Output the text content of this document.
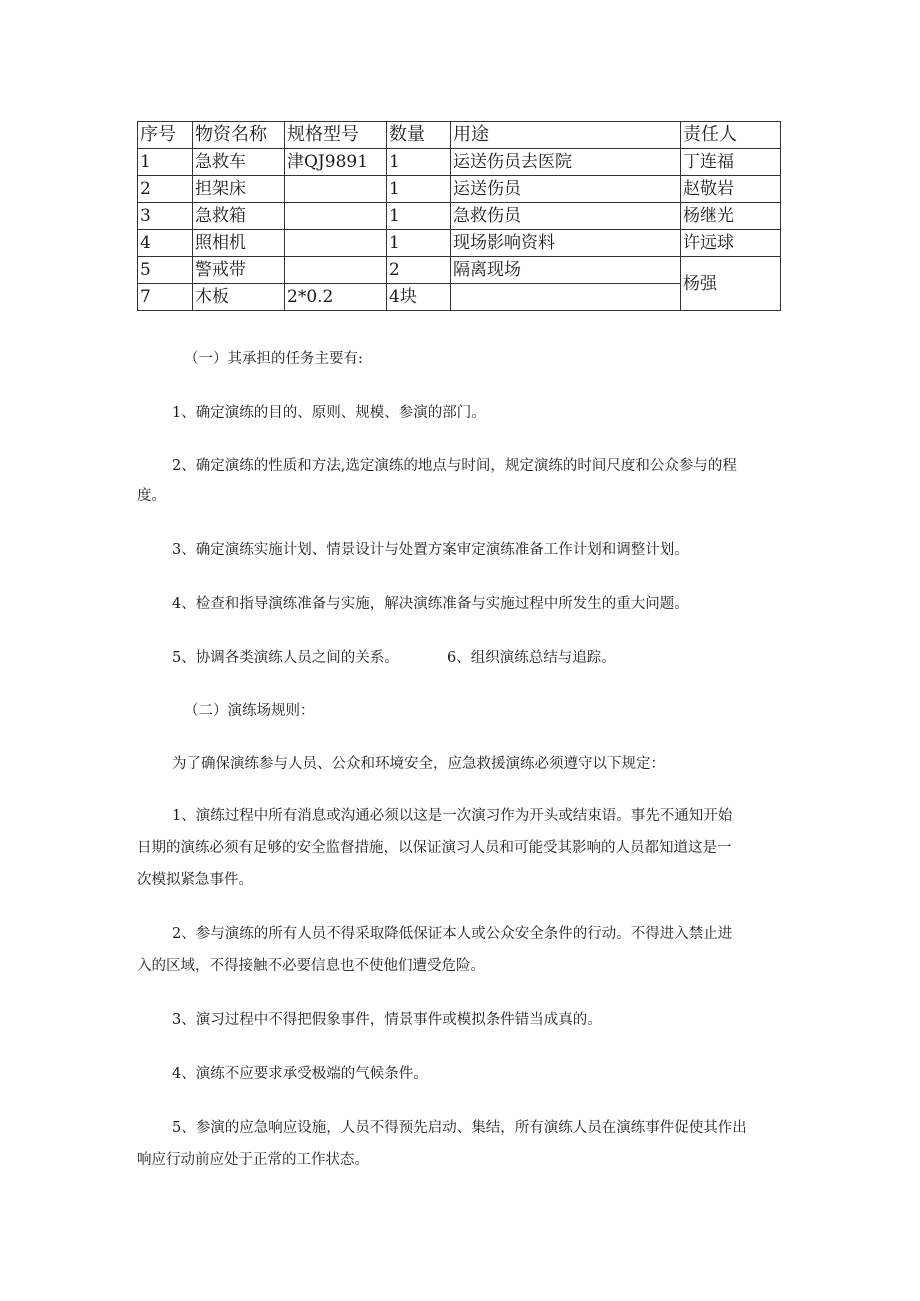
序号	物资名称	规格型号	数量	用途	责任人
1	急救车	津QJ9891	1	运送伤员去医院	丁连福
2	担架床		1	运送伤员	赵敬岩
3	急救箱		1	急救伤员	杨继光
4	照相机		1	现场影响资料	许远球
5	警戒带		2	隔离现场	杨强
7	木板	2*0.2	4块		

（一）其承担的任务主要有:

1、确定演练的目的、原则、规模、参演的部门。

2、确定演练的性质和方法,选定演练的地点与时间，规定演练的时间尺度和公众参与的程

度。

3、确定演练实施计划、情景设计与处置方案审定演练准备工作计划和调整计划。

4、检查和指导演练准备与实施，解决演练准备与实施过程中所发生的重大问题。

5、协调各类演练人员之间的关系。	6、组织演练总结与追踪。

（二）演练场规则：

为了确保演练参与人员、公众和环境安全，应急救援演练必须遵守以下规定：

1、演练过程中所有消息或沟通必须以这是一次演习作为开头或结束语。事先不通知开始

日期的演练必须有足够的安全监督措施，以保证演习人员和可能受其影响的人员都知道这是一

次模拟紧急事件。

2、参与演练的所有人员不得采取降低保证本人或公众安全条件的行动。不得进入禁止进

入的区域，不得接触不必要信息也不使他们遭受危险。

3、演习过程中不得把假象事件，情景事件或模拟条件错当成真的。

4、演练不应要求承受极端的气候条件。

5、参演的应急响应设施，人员不得预先启动、集结，所有演练人员在演练事件促使其作出

响应行动前应处于正常的工作状态。
